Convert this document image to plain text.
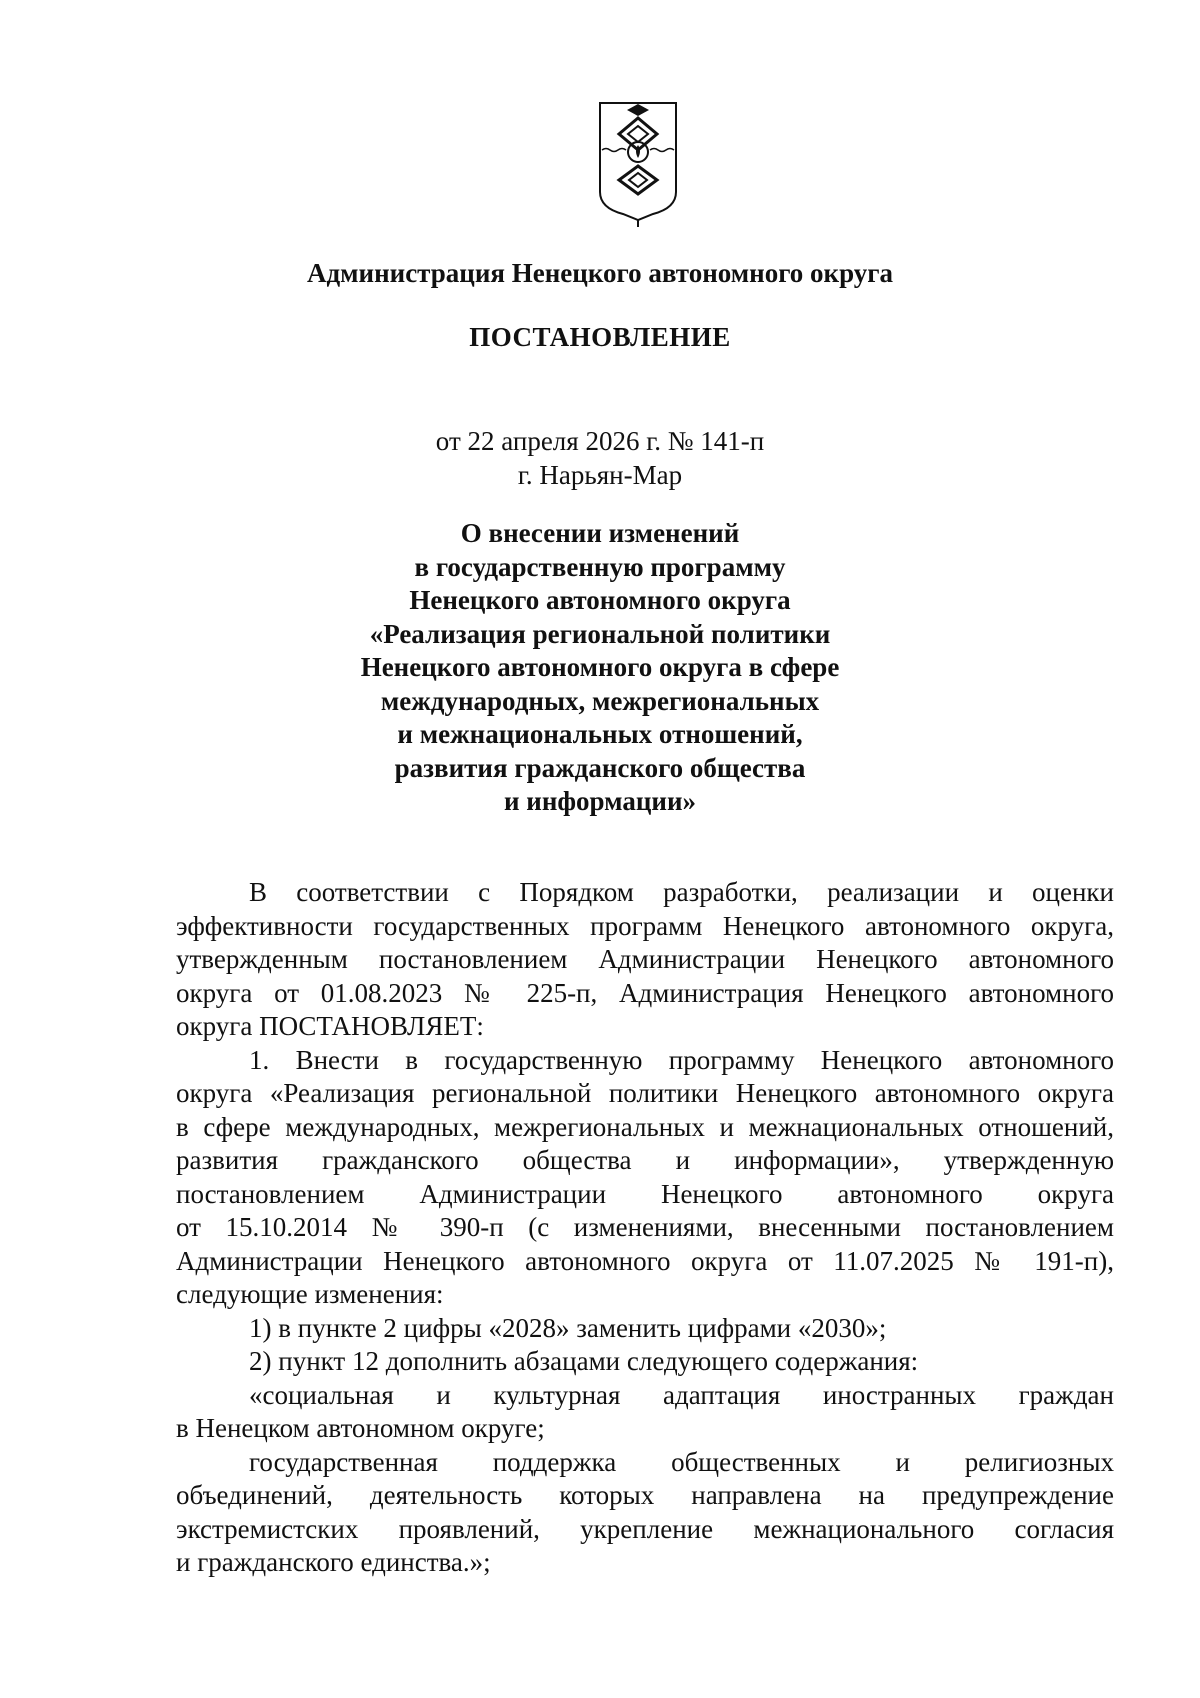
Администрация Ненецкого автономного округа
ПОСТАНОВЛЕНИЕ
от 22 апреля 2026 г. № 141-п
г. Нарьян-Мар
О внесении изменений
в государственную программу
Ненецкого автономного округа
«Реализация региональной политики
Ненецкого автономного округа в сфере
международных, межрегиональных
и межнациональных отношений,
развития гражданского общества
и информации»
В соответствии с Порядком разработки, реализации и оценки
эффективности государственных программ Ненецкого автономного округа,
утвержденным постановлением Администрации Ненецкого автономного
округа от 01.08.2023 № 225-п, Администрация Ненецкого автономного
округа ПОСТАНОВЛЯЕТ:
1. Внести в государственную программу Ненецкого автономного
округа «Реализация региональной политики Ненецкого автономного округа
в сфере международных, межрегиональных и межнациональных отношений,
развития гражданского общества и информации», утвержденную
постановлением Администрации Ненецкого автономного округа
от 15.10.2014 № 390-п (с изменениями, внесенными постановлением
Администрации Ненецкого автономного округа от 11.07.2025 № 191-п),
следующие изменения:
1) в пункте 2 цифры «2028» заменить цифрами «2030»;
2) пункт 12 дополнить абзацами следующего содержания:
«социальная и культурная адаптация иностранных граждан
в Ненецком автономном округе;
государственная поддержка общественных и религиозных
объединений, деятельность которых направлена на предупреждение
экстремистских проявлений, укрепление межнационального согласия
и гражданского единства.»;
